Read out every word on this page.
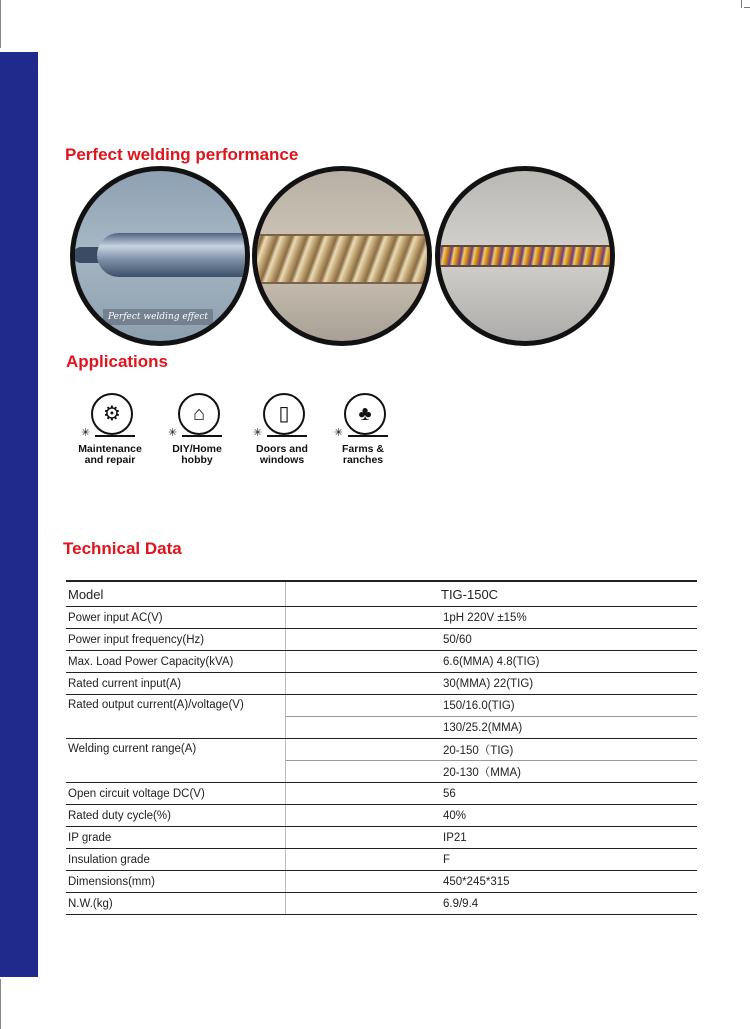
Perfect welding performance
Perfect welding effect
Applications
⚙
✳
Maintenance
and repair
⌂
✳
DIY/Home
hobby
▯
✳
Doors and
windows
♣
✳
Farms &
ranches
Technical Data
Model	TIG-150C
Power input AC(V)	1pH 220V ±15%
Power input frequency(Hz)	50/60
Max. Load Power Capacity(kVA)	6.6(MMA) 4.8(TIG)
Rated current input(A)	30(MMA) 22(TIG)
Rated output current(A)/voltage(V)	150/16.0(TIG)
	130/25.2(MMA)
Welding current range(A)	20-150（TIG)
	20-130（MMA)
Open circuit voltage DC(V)	56
Rated duty cycle(%)	40%
IP grade	IP21
Insulation grade	F
Dimensions(mm)	450*245*315
N.W.(kg)	6.9/9.4
